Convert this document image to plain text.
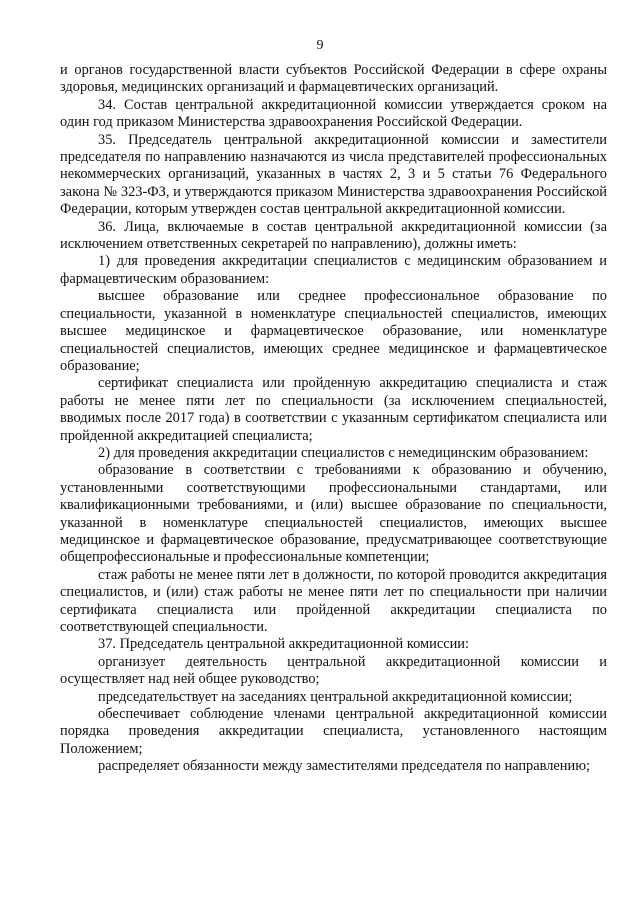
9

и органов государственной власти субъектов Российской Федерации в сфере охраны здоровья, медицинских организаций и фармацевтических организаций.

34. Состав центральной аккредитационной комиссии утверждается сроком на один год приказом Министерства здравоохранения Российской Федерации.

35. Председатель центральной аккредитационной комиссии и заместители председателя по направлению назначаются из числа представителей профессиональных некоммерческих организаций, указанных в частях 2, 3 и 5 статьи 76 Федерального закона № 323-ФЗ, и утверждаются приказом Министерства здравоохранения Российской Федерации, которым утвержден состав центральной аккредитационной комиссии.

36. Лица, включаемые в состав центральной аккредитационной комиссии (за исключением ответственных секретарей по направлению), должны иметь:

1) для проведения аккредитации специалистов с медицинским образованием и фармацевтическим образованием:

высшее образование или среднее профессиональное образование по специальности, указанной в номенклатуре специальностей специалистов, имеющих высшее медицинское и фармацевтическое образование, или номенклатуре специальностей специалистов, имеющих среднее медицинское и фармацевтическое образование;

сертификат специалиста или пройденную аккредитацию специалиста и стаж работы не менее пяти лет по специальности (за исключением специальностей, вводимых после 2017 года) в соответствии с указанным сертификатом специалиста или пройденной аккредитацией специалиста;

2) для проведения аккредитации специалистов с немедицинским образованием:

образование в соответствии с требованиями к образованию и обучению, установленными соответствующими профессиональными стандартами, или квалификационными требованиями, и (или) высшее образование по специальности, указанной в номенклатуре специальностей специалистов, имеющих высшее медицинское и фармацевтическое образование, предусматривающее соответствующие общепрофессиональные и профессиональные компетенции;

стаж работы не менее пяти лет в должности, по которой проводится аккредитация специалистов, и (или) стаж работы не менее пяти лет по специальности при наличии сертификата специалиста или пройденной аккредитации специалиста по соответствующей специальности.

37. Председатель центральной аккредитационной комиссии:

организует деятельность центральной аккредитационной комиссии и осуществляет над ней общее руководство;

председательствует на заседаниях центральной аккредитационной комиссии;

обеспечивает соблюдение членами центральной аккредитационной комиссии порядка проведения аккредитации специалиста, установленного настоящим Положением;

распределяет обязанности между заместителями председателя по направлению;
